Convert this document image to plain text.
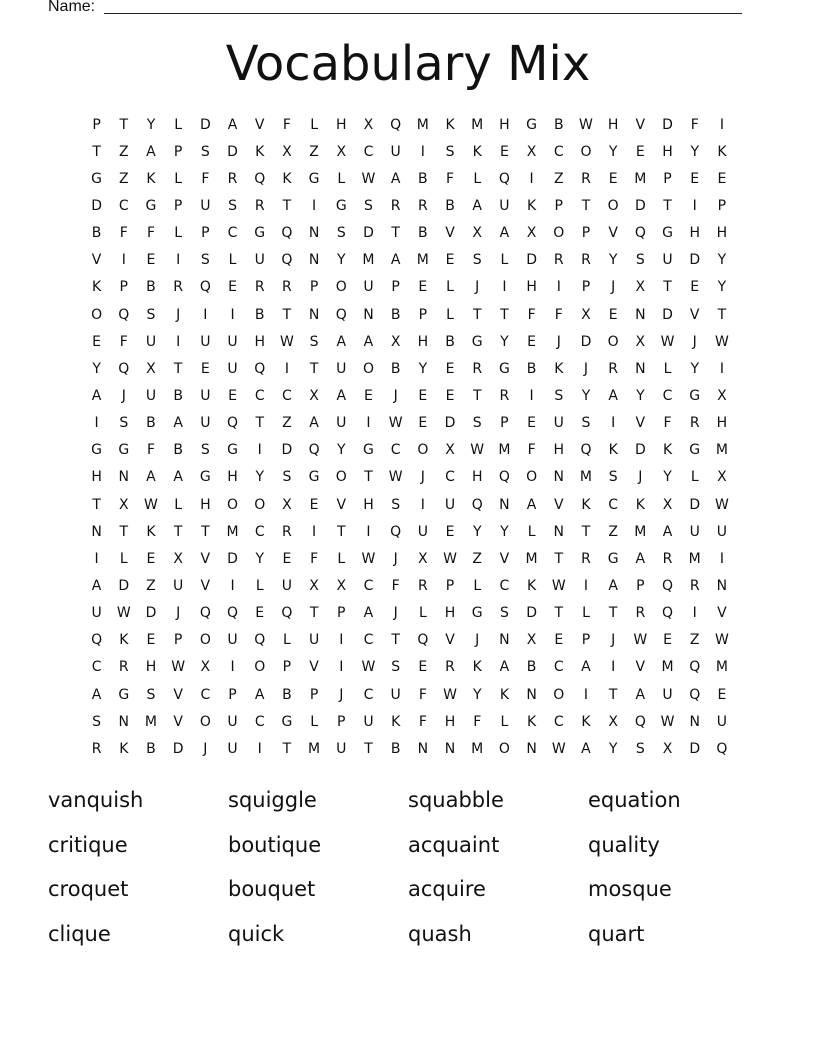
Name:
Vocabulary Mix
P	T	Y	L	D	A	V	F	L	H	X	Q	M	K	M	H	G	B	W	H	V	D	F	I
T	Z	A	P	S	D	K	X	Z	X	C	U	I	S	K	E	X	C	O	Y	E	H	Y	K
G	Z	K	L	F	R	Q	K	G	L	W	A	B	F	L	Q	I	Z	R	E	M	P	E	E
D	C	G	P	U	S	R	T	I	G	S	R	R	B	A	U	K	P	T	O	D	T	I	P
B	F	F	L	P	C	G	Q	N	S	D	T	B	V	X	A	X	O	P	V	Q	G	H	H
V	I	E	I	S	L	U	Q	N	Y	M	A	M	E	S	L	D	R	R	Y	S	U	D	Y
K	P	B	R	Q	E	R	R	P	O	U	P	E	L	J	I	H	I	P	J	X	T	E	Y
O	Q	S	J	I	I	B	T	N	Q	N	B	P	L	T	T	F	F	X	E	N	D	V	T
E	F	U	I	U	U	H	W	S	A	A	X	H	B	G	Y	E	J	D	O	X	W	J	W
Y	Q	X	T	E	U	Q	I	T	U	O	B	Y	E	R	G	B	K	J	R	N	L	Y	I
A	J	U	B	U	E	C	C	X	A	E	J	E	E	T	R	I	S	Y	A	Y	C	G	X
I	S	B	A	U	Q	T	Z	A	U	I	W	E	D	S	P	E	U	S	I	V	F	R	H
G	G	F	B	S	G	I	D	Q	Y	G	C	O	X	W	M	F	H	Q	K	D	K	G	M
H	N	A	A	G	H	Y	S	G	O	T	W	J	C	H	Q	O	N	M	S	J	Y	L	X
T	X	W	L	H	O	O	X	E	V	H	S	I	U	Q	N	A	V	K	C	K	X	D	W
N	T	K	T	T	M	C	R	I	T	I	Q	U	E	Y	Y	L	N	T	Z	M	A	U	U
I	L	E	X	V	D	Y	E	F	L	W	J	X	W	Z	V	M	T	R	G	A	R	M	I
A	D	Z	U	V	I	L	U	X	X	C	F	R	P	L	C	K	W	I	A	P	Q	R	N
U	W	D	J	Q	Q	E	Q	T	P	A	J	L	H	G	S	D	T	L	T	R	Q	I	V
Q	K	E	P	O	U	Q	L	U	I	C	T	Q	V	J	N	X	E	P	J	W	E	Z	W
C	R	H	W	X	I	O	P	V	I	W	S	E	R	K	A	B	C	A	I	V	M	Q	M
A	G	S	V	C	P	A	B	P	J	C	U	F	W	Y	K	N	O	I	T	A	U	Q	E
S	N	M	V	O	U	C	G	L	P	U	K	F	H	F	L	K	C	K	X	Q	W	N	U
R	K	B	D	J	U	I	T	M	U	T	B	N	N	M	O	N	W	A	Y	S	X	D	Q
vanquish	squiggle	squabble	equation
critique	boutique	acquaint	quality
croquet	bouquet	acquire	mosque
clique	quick	quash	quart
